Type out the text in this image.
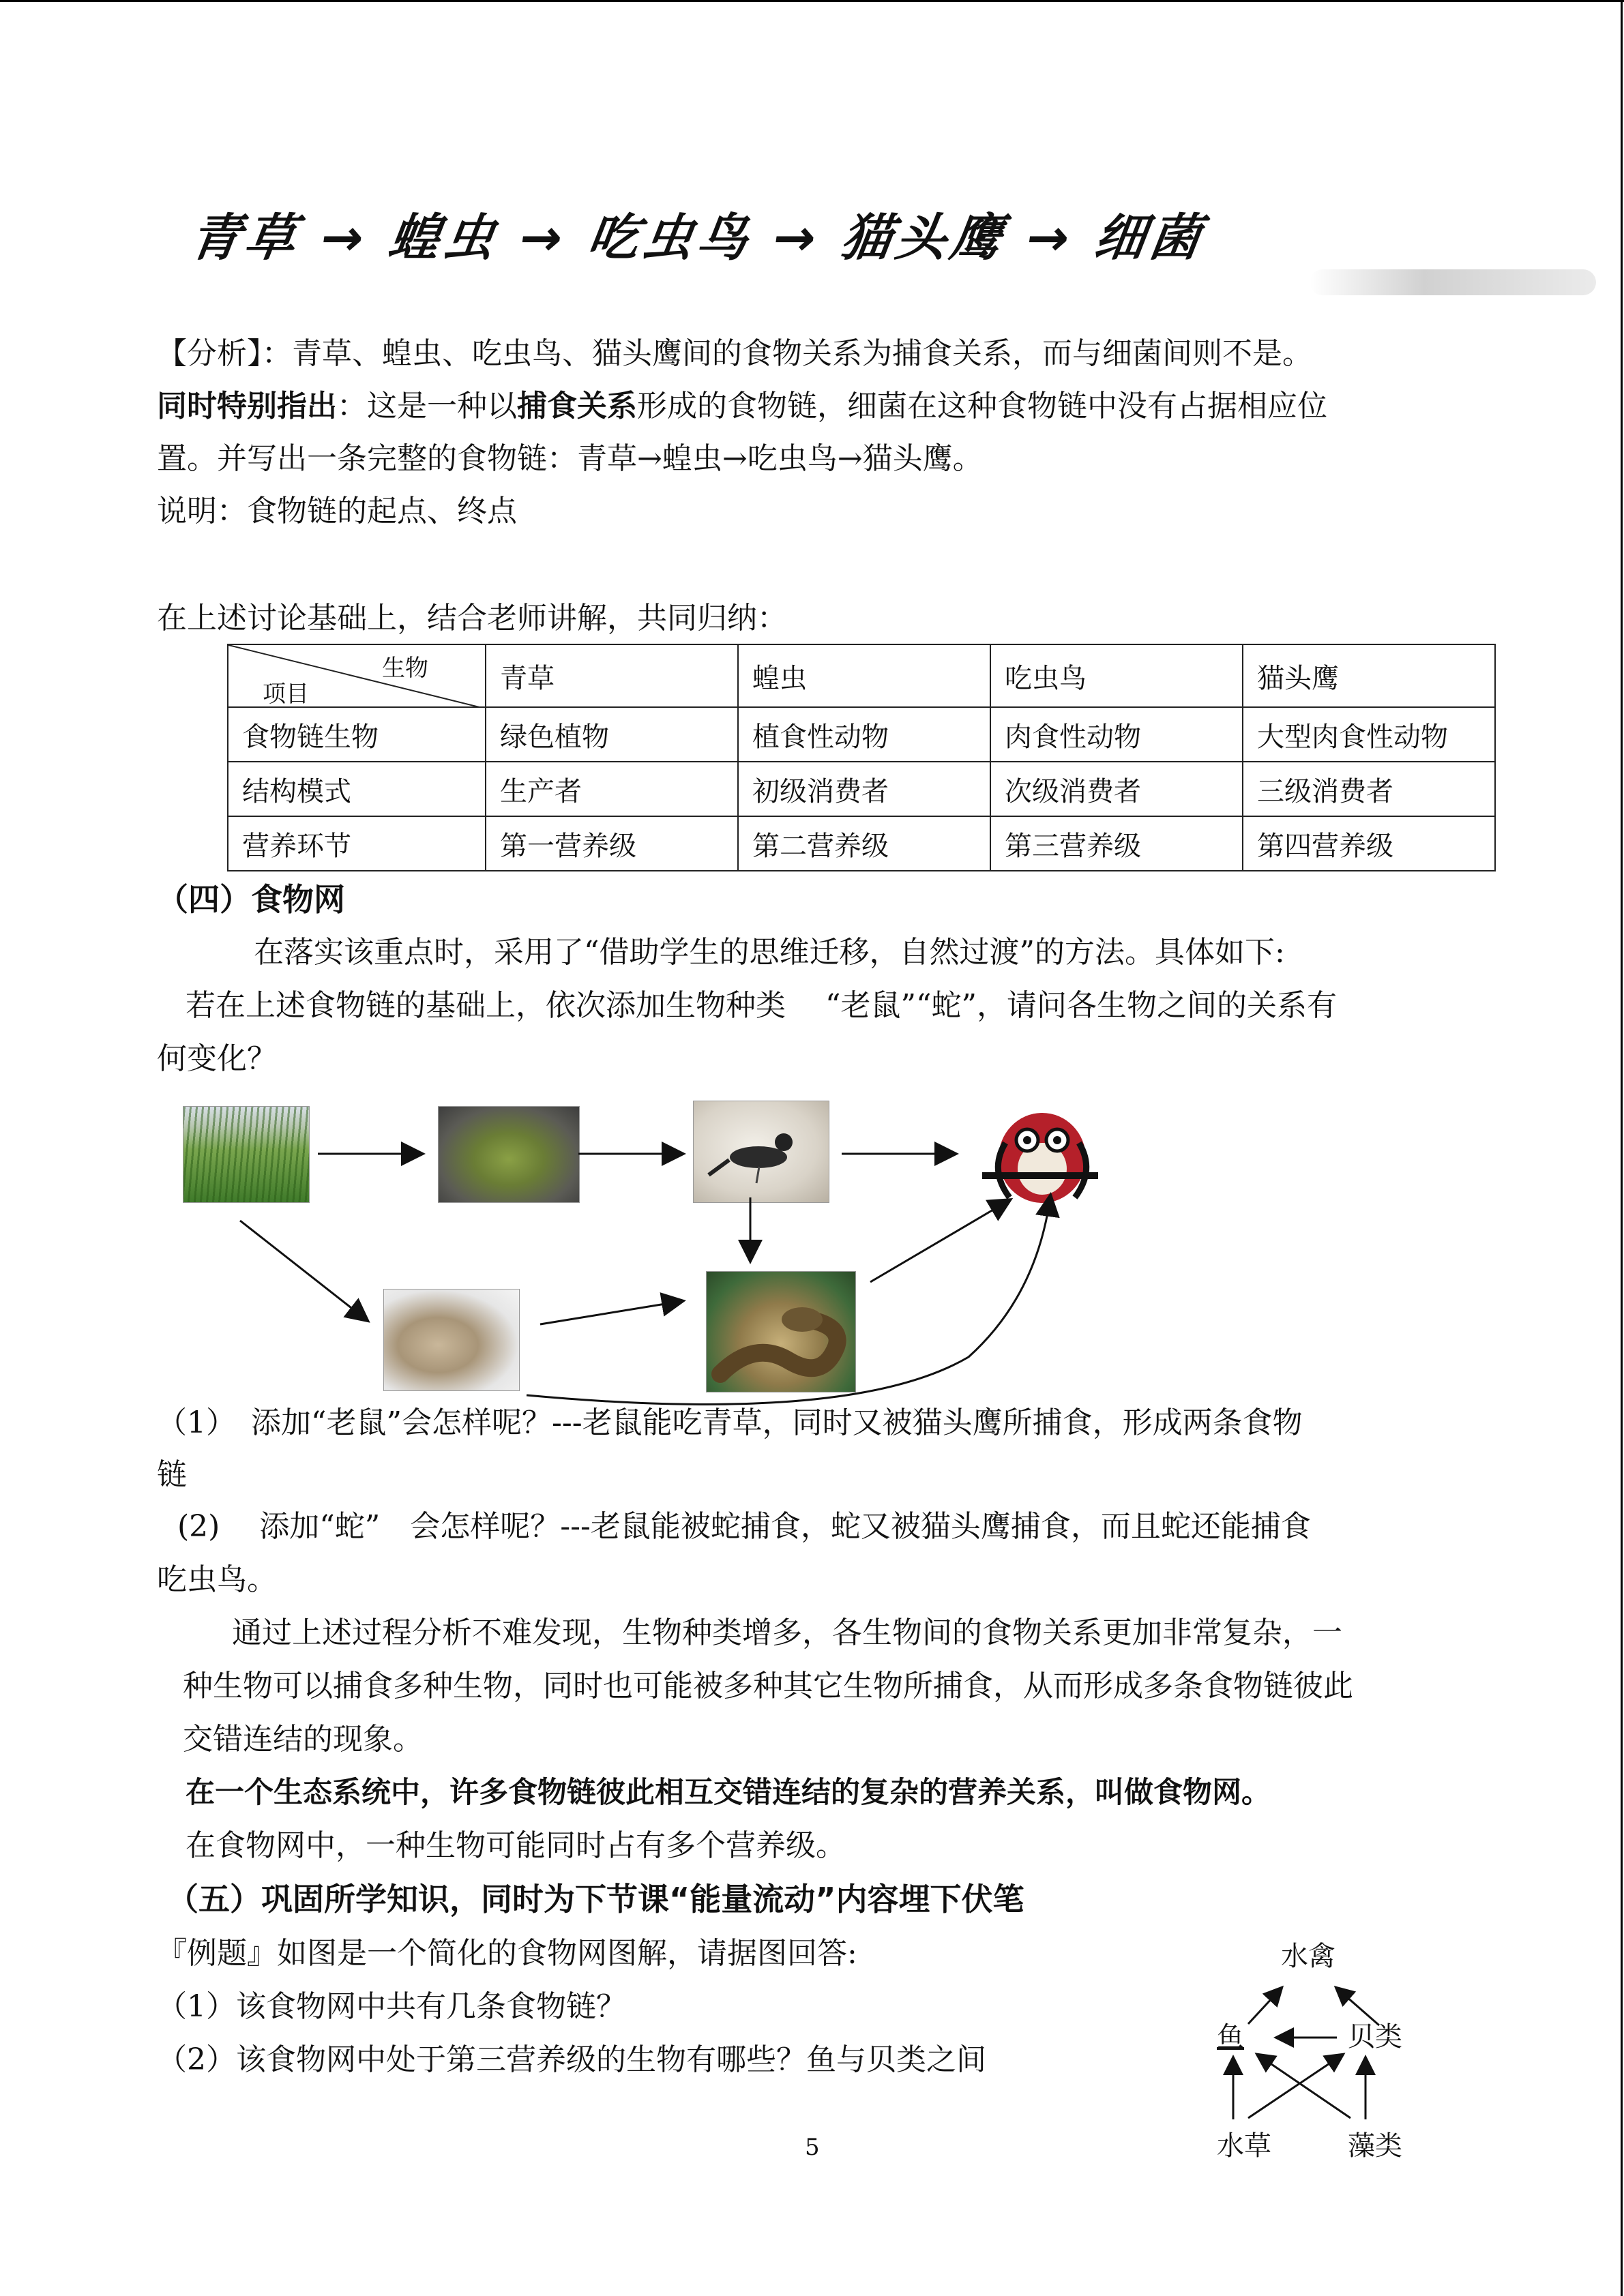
青草 → 蝗虫 → 吃虫鸟 → 猫头鹰 → 细菌
【分析】：青草、蝗虫、吃虫鸟、猫头鹰间的食物关系为捕食关系，而与细菌间则不是。
同时特别指出：这是一种以捕食关系形成的食物链，细菌在这种食物链中没有占据相应位
置。并写出一条完整的食物链：青草→蝗虫→吃虫鸟→猫头鹰。
说明：食物链的起点、终点
在上述讨论基础上，结合老师讲解，共同归纳：
生物
项目	青草	蝗虫	吃虫鸟	猫头鹰
食物链生物	绿色植物	植食性动物	肉食性动物	大型肉食性动物
结构模式	生产者	初级消费者	次级消费者	三级消费者
营养环节	第一营养级	第二营养级	第三营养级	第四营养级
（四）食物网
在落实该重点时，采用了“借助学生的思维迁移，自然过渡”的方法。具体如下:
若在上述食物链的基础上，依次添加生物种类　 “老鼠”“蛇”，请问各生物之间的关系有
何变化？
（1）　添加“老鼠”会怎样呢？---老鼠能吃青草，同时又被猫头鹰所捕食，形成两条食物
链
(2)　 添加“蛇”　会怎样呢？---老鼠能被蛇捕食，蛇又被猫头鹰捕食，而且蛇还能捕食
吃虫鸟。
通过上述过程分析不难发现，生物种类增多，各生物间的食物关系更加非常复杂，一
种生物可以捕食多种生物，同时也可能被多种其它生物所捕食，从而形成多条食物链彼此
交错连结的现象。
在一个生态系统中，许多食物链彼此相互交错连结的复杂的营养关系，叫做食物网。
在食物网中，一种生物可能同时占有多个营养级。
（五）巩固所学知识，同时为下节课“能量流动”内容埋下伏笔
『例题』如图是一个简化的食物网图解，请据图回答:
（1）该食物网中共有几条食物链？
（2）该食物网中处于第三营养级的生物有哪些？鱼与贝类之间
水禽
鱼	贝类
水草	藻类
5
